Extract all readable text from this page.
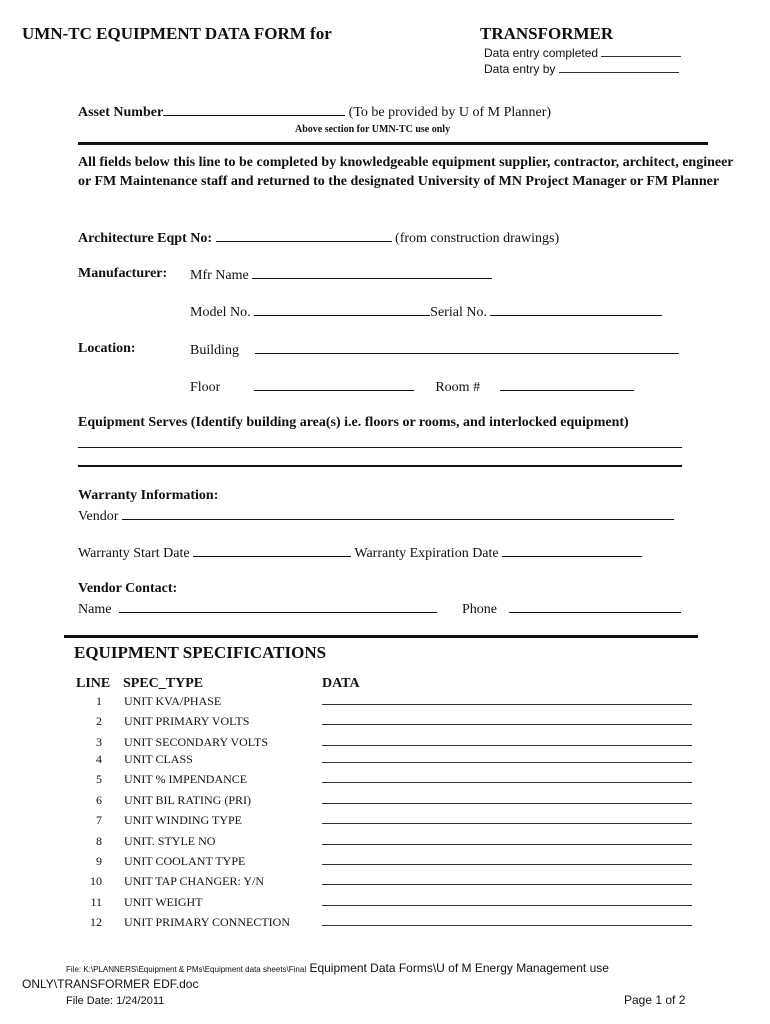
UMN-TC EQUIPMENT DATA FORM for	TRANSFORMER
Data entry completed
Data entry by
Asset Number	(To be provided by U of M Planner)
Above section for UMN-TC use only
All fields below this line to be completed by knowledgeable equipment supplier, contractor, architect, engineer or FM Maintenance staff and returned to the designated University of MN Project Manager or FM Planner
Architecture Eqpt No:	(from construction drawings)
Manufacturer: Mfr Name
Model No.	Serial No.
Location:	Building
Floor	Room #
Equipment Serves (Identify building area(s) i.e. floors or rooms, and interlocked equipment)
Warranty Information:
Vendor
Warranty Start Date	Warranty Expiration Date
Vendor Contact:
Name	Phone
EQUIPMENT SPECIFICATIONS
LINE SPEC_TYPE	DATA
1 UNIT KVA/PHASE
2 UNIT PRIMARY VOLTS
3 UNIT SECONDARY VOLTS
4 UNIT CLASS
5 UNIT % IMPENDANCE
6 UNIT BIL RATING (PRI)
7 UNIT WINDING TYPE
8 UNIT. STYLE NO
9 UNIT COOLANT TYPE
10 UNIT TAP CHANGER: Y/N
11 UNIT WEIGHT
12 UNIT PRIMARY CONNECTION
File: K:\PLANNERS\Equipment & PMs\Equipment data sheets\Final Equipment Data Forms\U of M Energy Management use
ONLY\TRANSFORMER EDF.doc
File Date: 1/24/2011	Page 1 of 2
